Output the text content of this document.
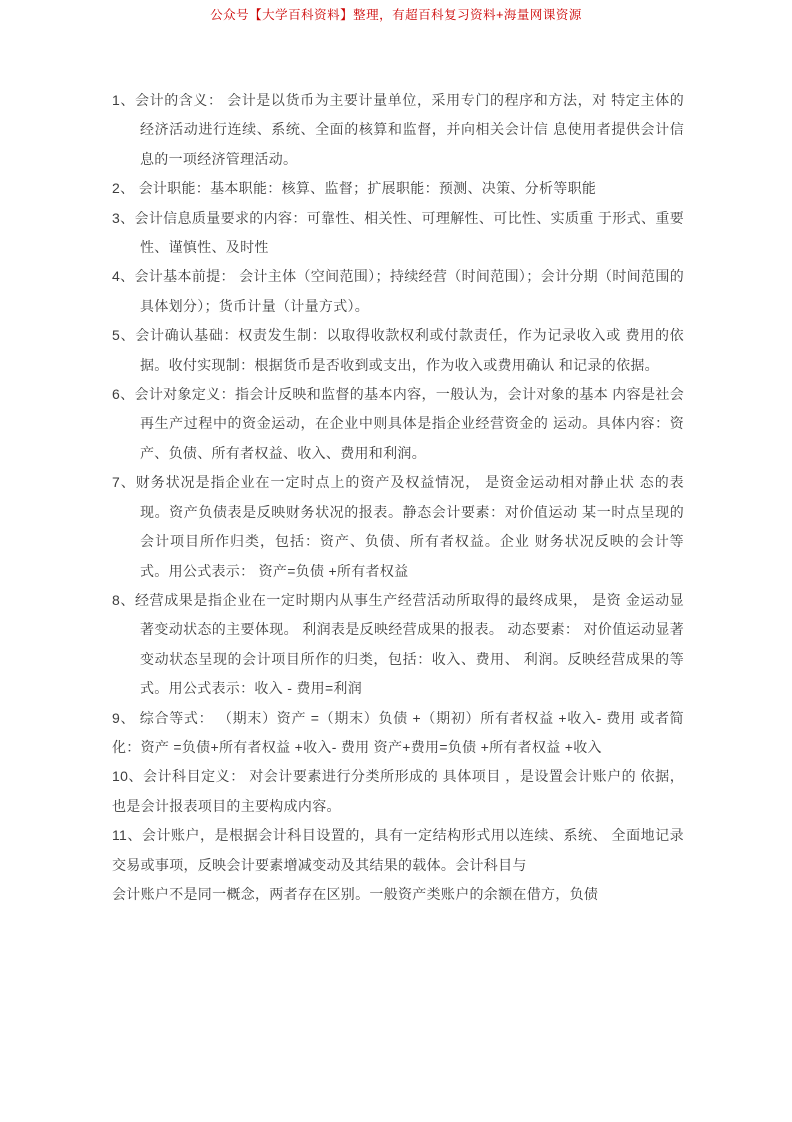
公众号【大学百科资料】整理，有超百科复习资料+海量网课资源

1、会计的含义： 会计是以货币为主要计量单位，采用专门的程序和方法，对 特定主体的经济活动进行连续、系统、全面的核算和监督，并向相关会计信 息使用者提供会计信息的一项经济管理活动。

2、 会计职能：基本职能：核算、监督；扩展职能：预测、决策、分析等职能

3、会计信息质量要求的内容：可靠性、相关性、可理解性、可比性、实质重 于形式、重要性、谨慎性、及时性

4、会计基本前提： 会计主体（空间范围）；持续经营（时间范围）；会计分期（时间范围的具体划分）；货币计量（计量方式）。

5、会计确认基础：权责发生制：以取得收款权利或付款责任，作为记录收入或 费用的依据。收付实现制：根据货币是否收到或支出，作为收入或费用确认 和记录的依据。

6、会计对象定义：指会计反映和监督的基本内容，一般认为，会计对象的基本 内容是社会再生产过程中的资金运动，在企业中则具体是指企业经营资金的 运动。具体内容：资产、负债、所有者权益、收入、费用和利润。

7、财务状况是指企业在一定时点上的资产及权益情况， 是资金运动相对静止状 态的表现。资产负债表是反映财务状况的报表。静态会计要素：对价值运动 某一时点呈现的会计项目所作归类，包括：资产、负债、所有者权益。企业 财务状况反映的会计等式。用公式表示： 资产=负债 +所有者权益

8、经营成果是指企业在一定时期内从事生产经营活动所取得的最终成果， 是资 金运动显著变动状态的主要体现。 利润表是反映经营成果的报表。 动态要素： 对价值运动显著变动状态呈现的会计项目所作的归类，包括：收入、费用、 利润。反映经营成果的等式。用公式表示：收入 - 费用=利润

9、 综合等式： （期末）资产 =（期末）负债 +（期初）所有者权益 +收入- 费用 或者简化：资产 =负债+所有者权益 +收入- 费用 资产+费用=负债 +所有者权益 +收入

10、会计科目定义： 对会计要素进行分类所形成的 具体项目 ，是设置会计账户的 依据，也是会计报表项目的主要构成内容。

11、会计账户，是根据会计科目设置的，具有一定结构形式用以连续、系统、 全面地记录交易或事项，反映会计要素增减变动及其结果的载体。会计科目与

会计账户不是同一概念，两者存在区别。一般资产类账户的余额在借方，负债
